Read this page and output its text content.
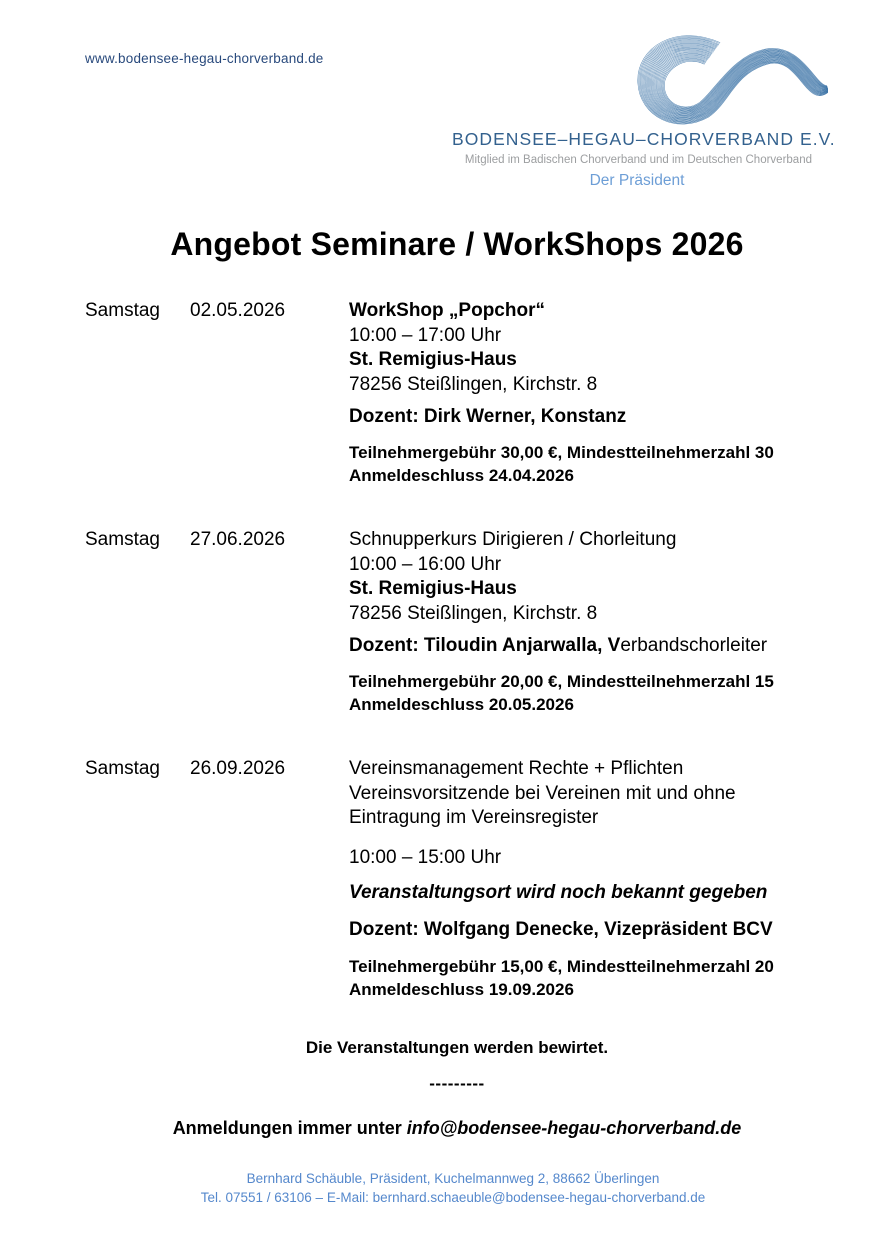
www.bodensee-hegau-chorverband.de
BODENSEE–HEGAU–CHORVERBAND E.V.
Mitglied im Badischen Chorverband und im Deutschen Chorverband
Der Präsident
Angebot Seminare / WorkShops 2026
Samstag	02.05.2026	WorkShop „Popchor“
10:00 – 17:00 Uhr
St. Remigius-Haus
78256 Steißlingen, Kirchstr. 8
Dozent: Dirk Werner, Konstanz
Teilnehmergebühr 30,00 €, Mindestteilnehmerzahl 30
Anmeldeschluss 24.04.2026
Samstag	27.06.2026	Schnupperkurs Dirigieren / Chorleitung
10:00 – 16:00 Uhr
St. Remigius-Haus
78256 Steißlingen, Kirchstr. 8
Dozent: Tiloudin Anjarwalla, Verbandschorleiter
Teilnehmergebühr 20,00 €, Mindestteilnehmerzahl 15
Anmeldeschluss 20.05.2026
Samstag	26.09.2026	Vereinsmanagement Rechte + Pflichten
Vereinsvorsitzende bei Vereinen mit und ohne
Eintragung im Vereinsregister
10:00 – 15:00 Uhr
Veranstaltungsort wird noch bekannt gegeben
Dozent: Wolfgang Denecke, Vizepräsident BCV
Teilnehmergebühr 15,00 €, Mindestteilnehmerzahl 20
Anmeldeschluss 19.09.2026
Die Veranstaltungen werden bewirtet.
---------
Anmeldungen immer unter info@bodensee-hegau-chorverband.de
Bernhard Schäuble, Präsident, Kuchelmannweg 2, 88662 Überlingen
Tel. 07551 / 63106 – E-Mail: bernhard.schaeuble@bodensee-hegau-chorverband.de
